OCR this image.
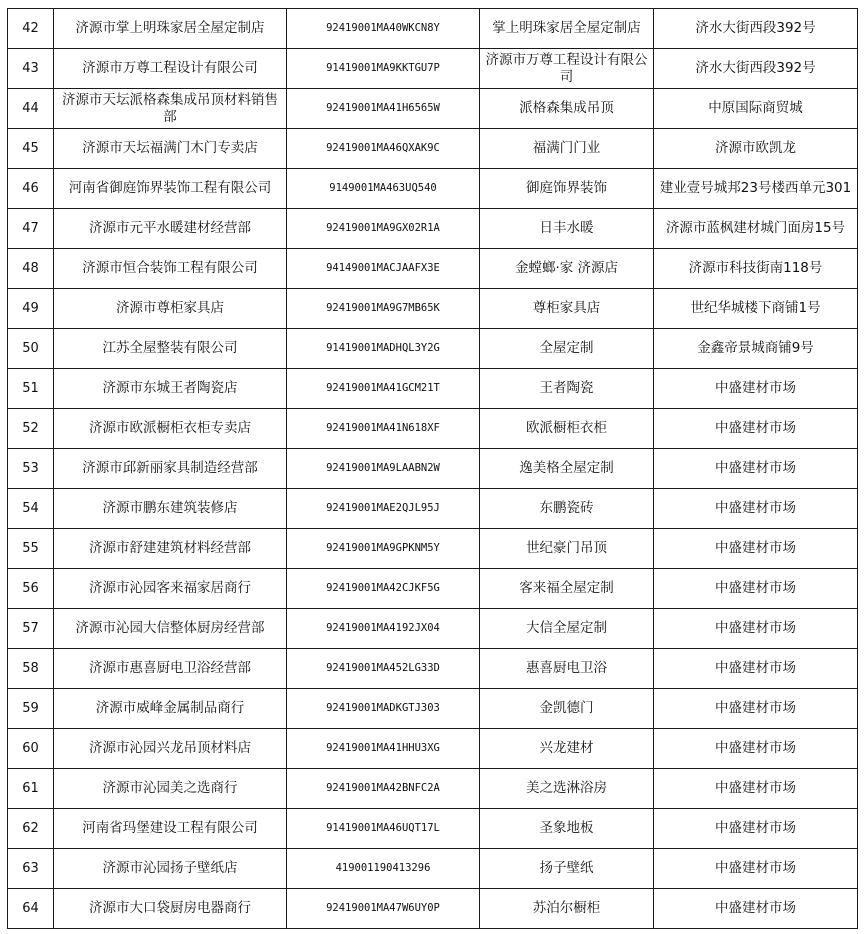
42	济源市掌上明珠家居全屋定制店	92419001MA40WKCN8Y	掌上明珠家居全屋定制店	济水大街西段392号
43	济源市万尊工程设计有限公司	91419001MA9KKTGU7P	济源市万尊工程设计有限公司	济水大街西段392号
44	济源市天坛派格森集成吊顶材料销售部	92419001MA41H6565W	派格森集成吊顶	中原国际商贸城
45	济源市天坛福满门木门专卖店	92419001MA46QXAK9C	福满门门业	济源市欧凯龙
46	河南省御庭饰界装饰工程有限公司	9149001MA463UQ540	御庭饰界装饰	建业壹号城邦23号楼西单元301
47	济源市元平水暖建材经营部	92419001MA9GX02R1A	日丰水暖	济源市蓝枫建材城门面房15号
48	济源市恒合装饰工程有限公司	94149001MACJAAFX3E	金螳螂·家 济源店	济源市科技街南118号
49	济源市尊柜家具店	92419001MA9G7MB65K	尊柜家具店	世纪华城楼下商铺1号
50	江苏全屋整装有限公司	91419001MADHQL3Y2G	全屋定制	金鑫帝景城商铺9号
51	济源市东城王者陶瓷店	92419001MA41GCM21T	王者陶瓷	中盛建材市场
52	济源市欧派橱柜衣柜专卖店	92419001MA41N618XF	欧派橱柜衣柜	中盛建材市场
53	济源市邱新丽家具制造经营部	92419001MA9LAABN2W	逸美格全屋定制	中盛建材市场
54	济源市鹏东建筑装修店	92419001MAE2QJL95J	东鹏瓷砖	中盛建材市场
55	济源市舒建建筑材料经营部	92419001MA9GPKNM5Y	世纪豪门吊顶	中盛建材市场
56	济源市沁园客来福家居商行	92419001MA42CJKF5G	客来福全屋定制	中盛建材市场
57	济源市沁园大信整体厨房经营部	92419001MA4192JX04	大信全屋定制	中盛建材市场
58	济源市惠喜厨电卫浴经营部	92419001MA452LG33D	惠喜厨电卫浴	中盛建材市场
59	济源市威峰金属制品商行	92419001MADKGTJ303	金凯德门	中盛建材市场
60	济源市沁园兴龙吊顶材料店	92419001MA41HHU3XG	兴龙建材	中盛建材市场
61	济源市沁园美之选商行	92419001MA42BNFC2A	美之选淋浴房	中盛建材市场
62	河南省玛堡建设工程有限公司	91419001MA46UQT17L	圣象地板	中盛建材市场
63	济源市沁园扬子壁纸店	419001190413296	扬子壁纸	中盛建材市场
64	济源市大口袋厨房电器商行	92419001MA47W6UY0P	苏泊尔橱柜	中盛建材市场
